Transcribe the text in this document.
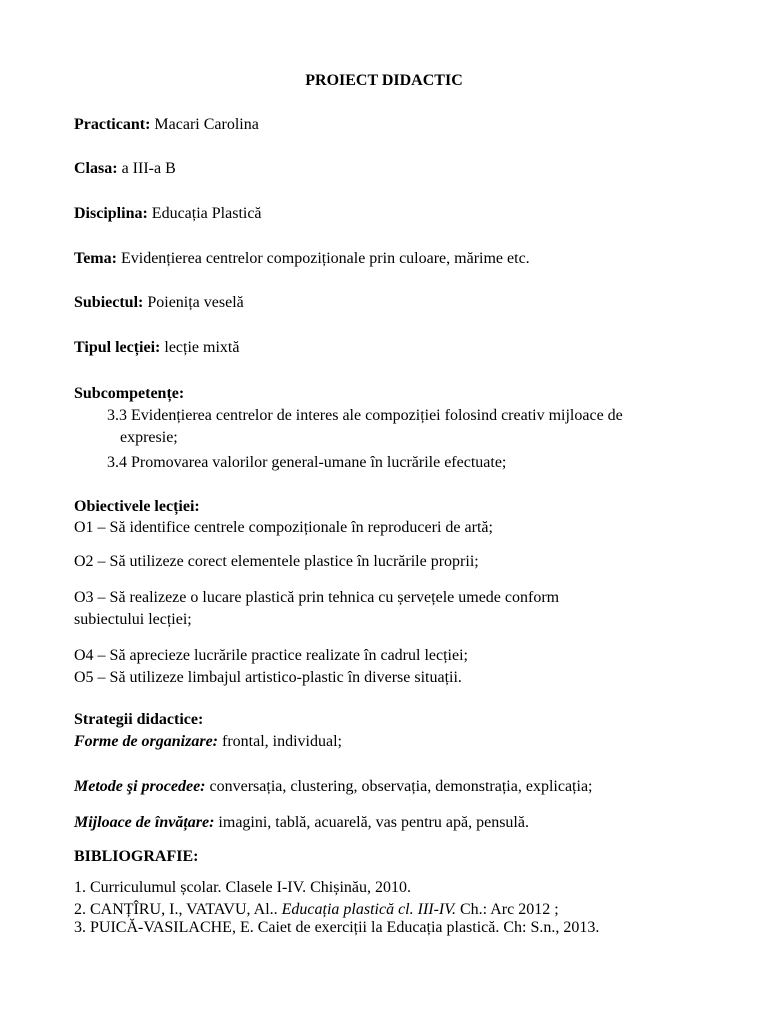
PROIECT DIDACTIC
Practicant: Macari Carolina
Clasa: a III-a B
Disciplina: Educația Plastică
Tema: Evidențierea centrelor compoziționale prin culoare, mărime etc.
Subiectul: Poienița veselă
Tipul lecției: lecție mixtă
Subcompetențe:
3.3 Evidențierea centrelor de interes ale compoziției folosind creativ mijloace de
expresie;
3.4 Promovarea valorilor general-umane în lucrările efectuate;
Obiectivele lecției:
O1 – Să identifice centrele compoziționale în reproduceri de artă;
O2 – Să utilizeze corect elementele plastice în lucrările proprii;
O3 – Să realizeze o lucare plastică prin tehnica cu șervețele umede conform
subiectului lecției;
O4 – Să aprecieze lucrările practice realizate în cadrul lecției;
O5 – Să utilizeze limbajul artistico-plastic în diverse situații.
Strategii didactice:
Forme de organizare: frontal, individual;
Metode şi procedee: conversația, clustering, observația, demonstrația, explicația;
Mijloace de învățare: imagini, tablă, acuarelă, vas pentru apă, pensulă.
BIBLIOGRAFIE:
1. Curriculumul școlar. Clasele I-IV. Chișinău, 2010.
2. CANȚÎRU, I., VATAVU, Al.. Educația plastică cl. III-IV. Ch.: Arc 2012 ;
3. PUICĂ-VASILACHE, E. Caiet de exerciții la Educația plastică. Ch: S.n., 2013.
